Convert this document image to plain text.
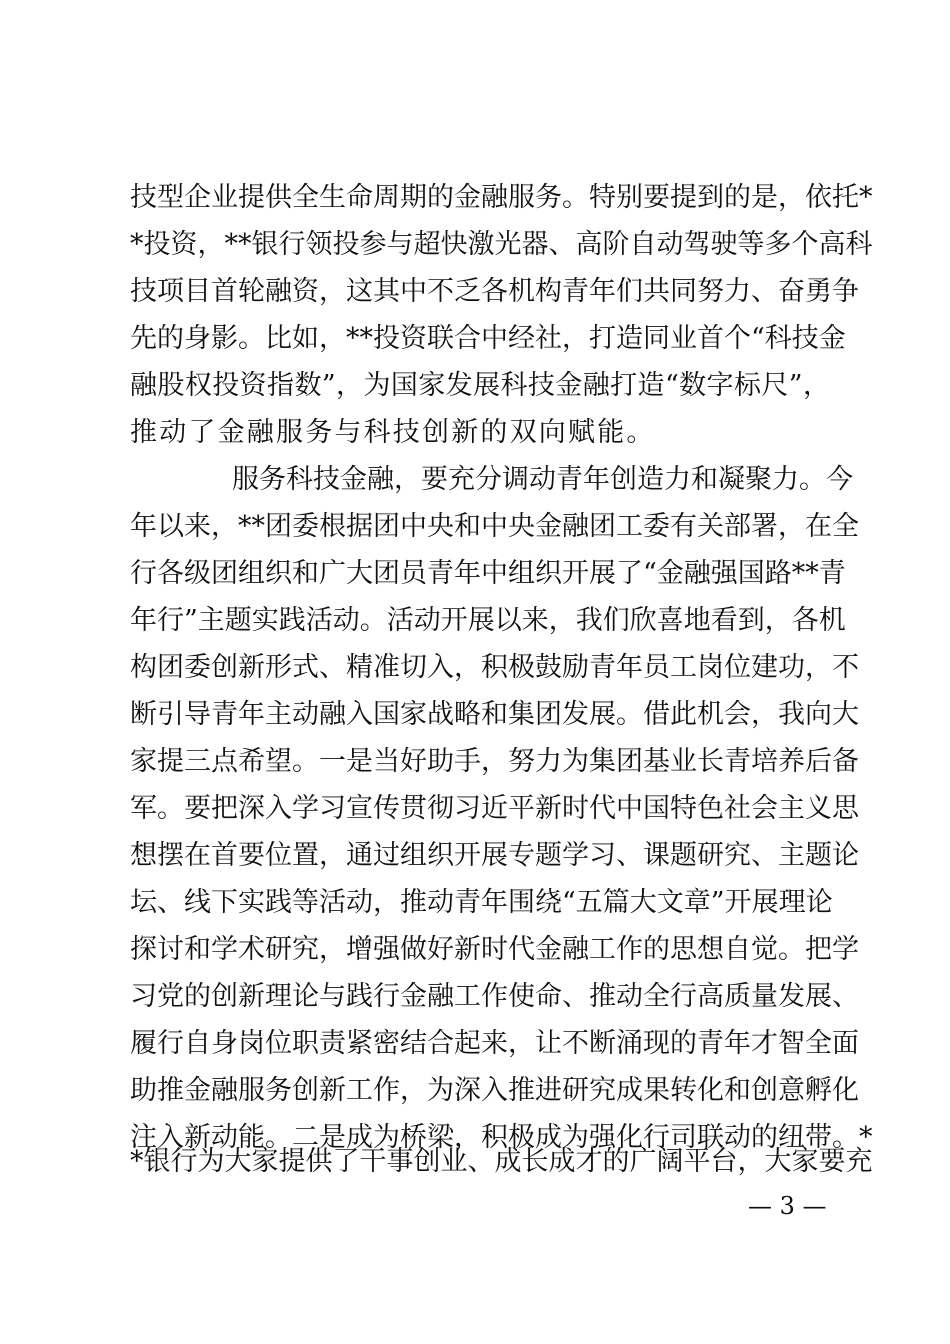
技型企业提供全生命周期的金融服务。特别要提到的是，依托*
*投资，**银行领投参与超快激光器、高阶自动驾驶等多个高科
技项目首轮融资，这其中不乏各机构青年们共同努力、奋勇争
先的身影。比如，**投资联合中经社，打造同业首个“科技金
融股权投资指数”，为国家发展科技金融打造“数字标尺”，
推动了金融服务与科技创新的双向赋能。
服务科技金融，要充分调动青年创造力和凝聚力。今
年以来，**团委根据团中央和中央金融团工委有关部署，在全
行各级团组织和广大团员青年中组织开展了“金融强国路**青
年行”主题实践活动。活动开展以来，我们欣喜地看到，各机
构团委创新形式、精准切入，积极鼓励青年员工岗位建功，不
断引导青年主动融入国家战略和集团发展。借此机会，我向大
家提三点希望。一是当好助手，努力为集团基业长青培养后备
军。要把深入学习宣传贯彻习近平新时代中国特色社会主义思
想摆在首要位置，通过组织开展专题学习、课题研究、主题论
坛、线下实践等活动，推动青年围绕“五篇大文章”开展理论
探讨和学术研究，增强做好新时代金融工作的思想自觉。把学
习党的创新理论与践行金融工作使命、推动全行高质量发展、
履行自身岗位职责紧密结合起来，让不断涌现的青年才智全面
助推金融服务创新工作，为深入推进研究成果转化和创意孵化
注入新动能。二是成为桥梁，积极成为强化行司联动的纽带。*
*银行为大家提供了干事创业、成长成才的广阔平台，大家要充
— 3 —
